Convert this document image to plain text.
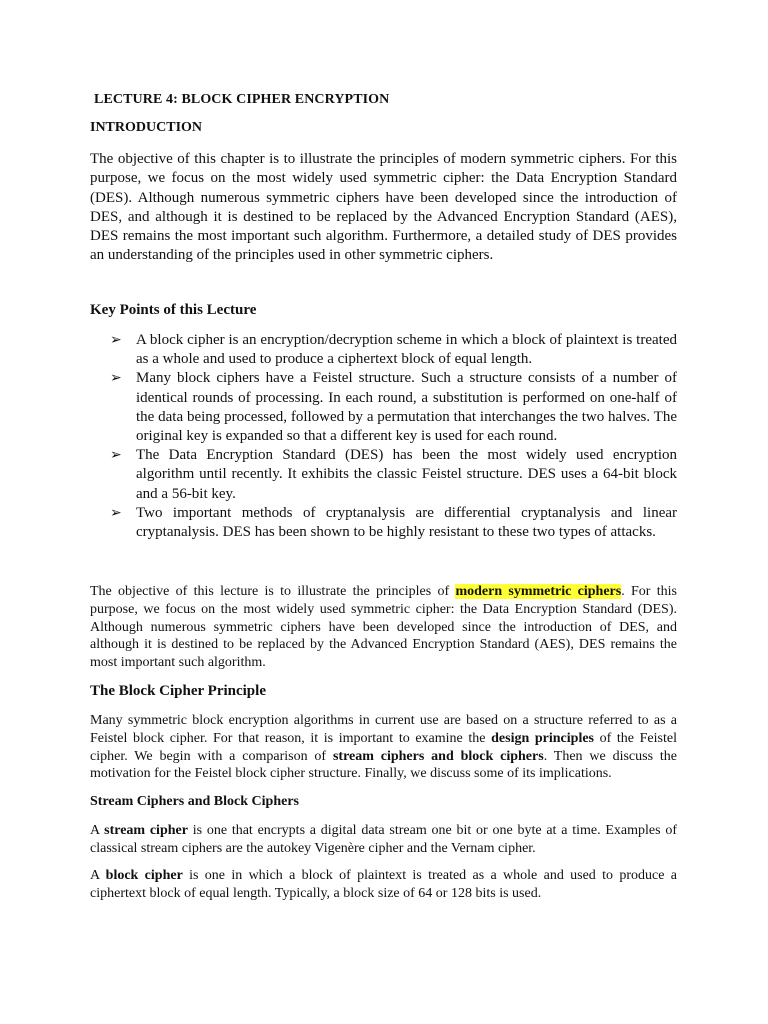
LECTURE 4: BLOCK CIPHER ENCRYPTION
INTRODUCTION

The objective of this chapter is to illustrate the principles of modern symmetric ciphers. For this purpose, we focus on the most widely used symmetric cipher: the Data Encryption Standard (DES). Although numerous symmetric ciphers have been developed since the introduction of DES, and although it is destined to be replaced by the Advanced Encryption Standard (AES), DES remains the most important such algorithm. Furthermore, a detailed study of DES provides an understanding of the principles used in other symmetric ciphers.

Key Points of this Lecture
➢ A block cipher is an encryption/decryption scheme in which a block of plaintext is treated as a whole and used to produce a ciphertext block of equal length.
➢ Many block ciphers have a Feistel structure. Such a structure consists of a number of identical rounds of processing. In each round, a substitution is performed on one-half of the data being processed, followed by a permutation that interchanges the two halves. The original key is expanded so that a different key is used for each round.
➢ The Data Encryption Standard (DES) has been the most widely used encryption algorithm until recently. It exhibits the classic Feistel structure. DES uses a 64-bit block and a 56-bit key.
➢ Two important methods of cryptanalysis are differential cryptanalysis and linear cryptanalysis. DES has been shown to be highly resistant to these two types of attacks.

The objective of this lecture is to illustrate the principles of modern symmetric ciphers. For this purpose, we focus on the most widely used symmetric cipher: the Data Encryption Standard (DES). Although numerous symmetric ciphers have been developed since the introduction of DES, and although it is destined to be replaced by the Advanced Encryption Standard (AES), DES remains the most important such algorithm.

The Block Cipher Principle

Many symmetric block encryption algorithms in current use are based on a structure referred to as a Feistel block cipher. For that reason, it is important to examine the design principles of the Feistel cipher. We begin with a comparison of stream ciphers and block ciphers. Then we discuss the motivation for the Feistel block cipher structure. Finally, we discuss some of its implications.

Stream Ciphers and Block Ciphers

A stream cipher is one that encrypts a digital data stream one bit or one byte at a time. Examples of classical stream ciphers are the autokey Vigenère cipher and the Vernam cipher.

A block cipher is one in which a block of plaintext is treated as a whole and used to produce a ciphertext block of equal length. Typically, a block size of 64 or 128 bits is used.
